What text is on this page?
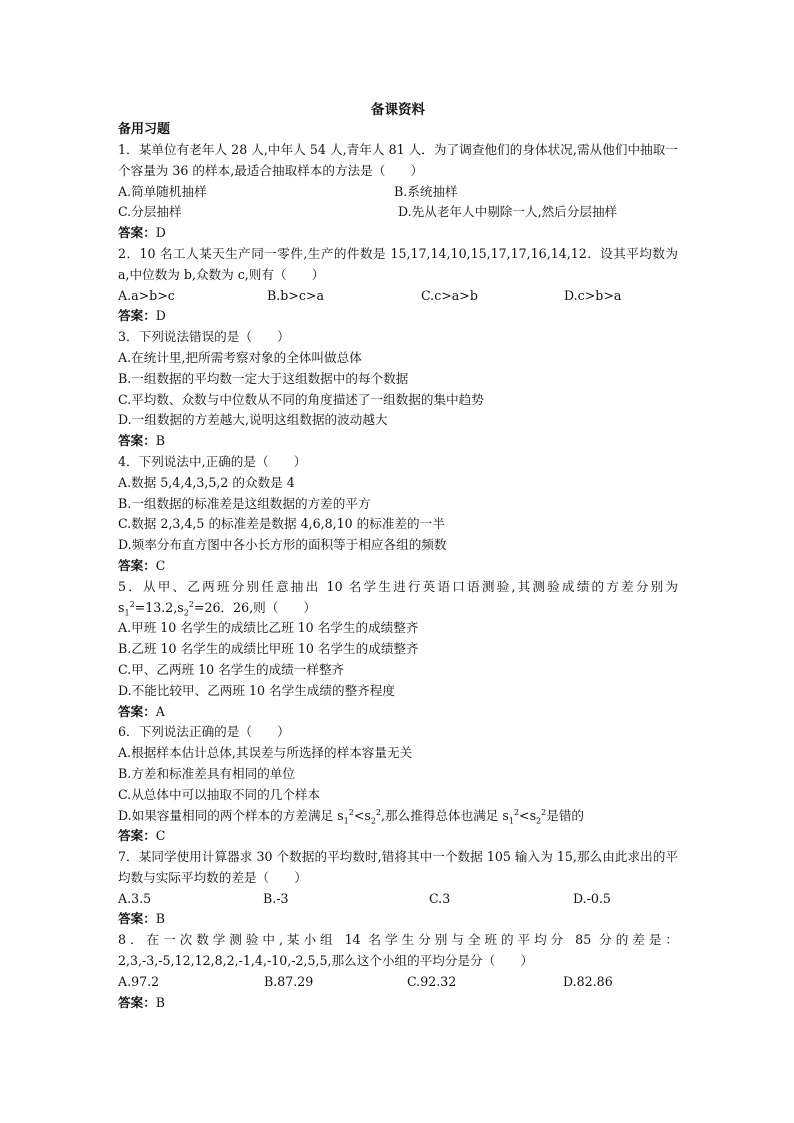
备课资料
备用习题
1．某单位有老年人 28 人,中年人 54 人,青年人 81 人．为了调查他们的身体状况,需从他们中抽取一个容量为 36 的样本,最适合抽取样本的方法是（　　）
A.简单随机抽样	B.系统抽样
C.分层抽样	D.先从老年人中剔除一人,然后分层抽样
答案：D
2．10 名工人某天生产同一零件,生产的件数是 15,17,14,10,15,17,17,16,14,12．设其平均数为 a,中位数为 b,众数为 c,则有（　　）
A.a>b>c	B.b>c>a	C.c>a>b	D.c>b>a
答案：D
3．下列说法错误的是（　　）
A.在统计里,把所需考察对象的全体叫做总体
B.一组数据的平均数一定大于这组数据中的每个数据
C.平均数、众数与中位数从不同的角度描述了一组数据的集中趋势
D.一组数据的方差越大,说明这组数据的波动越大
答案：B
4．下列说法中,正确的是（　　）
A.数据 5,4,4,3,5,2 的众数是 4
B.一组数据的标准差是这组数据的方差的平方
C.数据 2,3,4,5 的标准差是数据 4,6,8,10 的标准差的一半
D.频率分布直方图中各小长方形的面积等于相应各组的频数
答案：C
5．从甲、乙两班分别任意抽出 10 名学生进行英语口语测验,其测验成绩的方差分别为 $s_1^2=13.2,s_2^2=26$．26,则（　　）
A.甲班 10 名学生的成绩比乙班 10 名学生的成绩整齐
B.乙班 10 名学生的成绩比甲班 10 名学生的成绩整齐
C.甲、乙两班 10 名学生的成绩一样整齐
D.不能比较甲、乙两班 10 名学生成绩的整齐程度
答案：A
6．下列说法正确的是（　　）
A.根据样本估计总体,其误差与所选择的样本容量无关
B.方差和标准差具有相同的单位
C.从总体中可以抽取不同的几个样本
D.如果容量相同的两个样本的方差满足 $s_1^2<s_2^2$,那么推得总体也满足 $s_1^2<s_2^2$是错的
答案：C
7．某同学使用计算器求 30 个数据的平均数时,错将其中一个数据 105 输入为 15,那么由此求出的平均数与实际平均数的差是（　　）
A.3.5	B.-3	C.3	D.-0.5
答案：B
8．在一次数学测验中,某小组 14 名学生分别与全班的平均分 85 分的差是：2,3,-3,-5,12,12,8,2,-1,4,-10,-2,5,5,那么这个小组的平均分是分（　　）
A.97.2	B.87.29	C.92.32	D.82.86
答案：B
